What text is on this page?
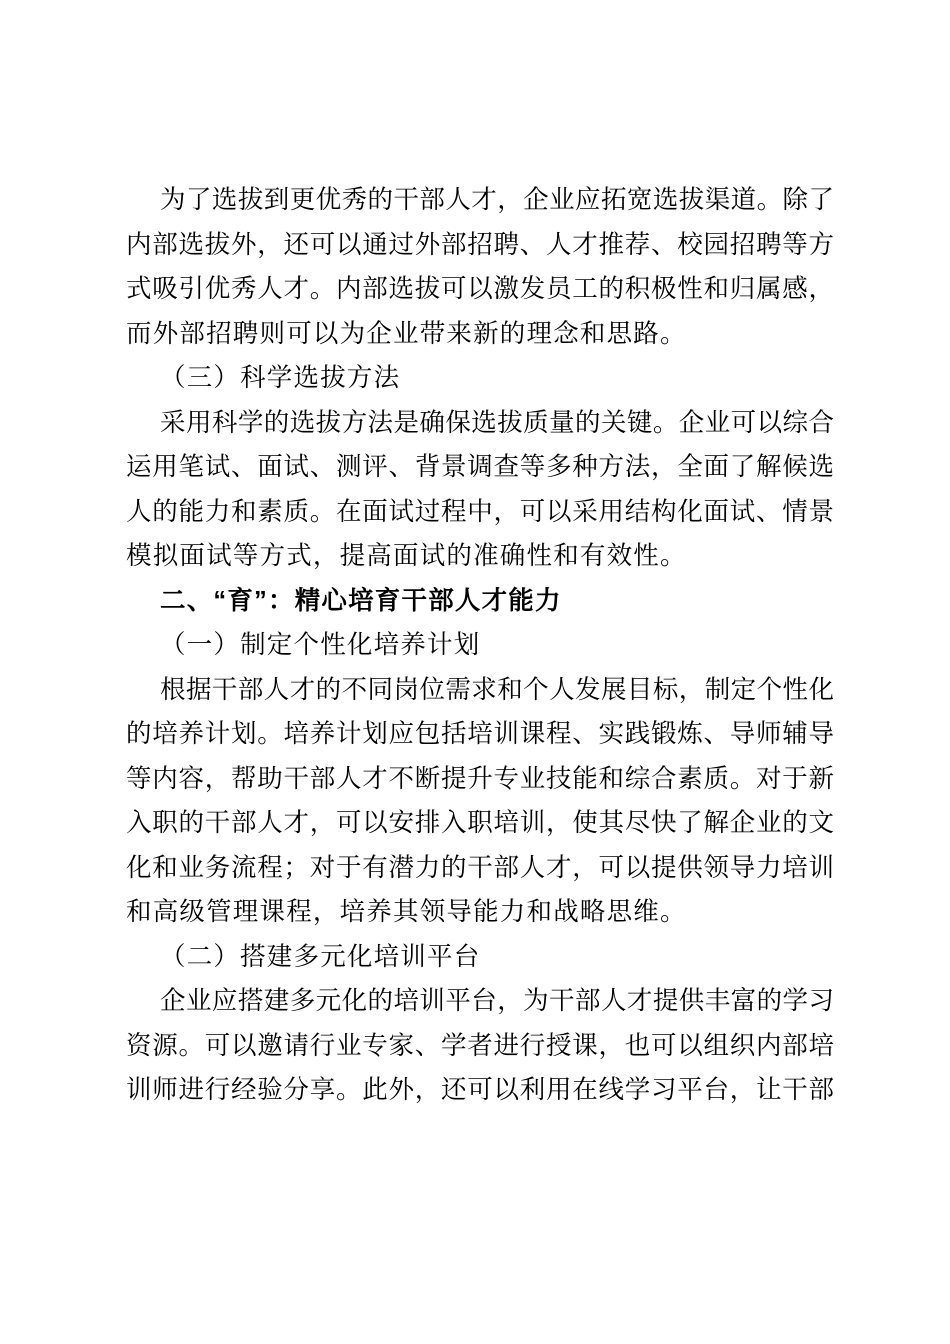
为了选拔到更优秀的干部人才，企业应拓宽选拔渠道。除了
内部选拔外，还可以通过外部招聘、人才推荐、校园招聘等方
式吸引优秀人才。内部选拔可以激发员工的积极性和归属感，
而外部招聘则可以为企业带来新的理念和思路。
（三）科学选拔方法
采用科学的选拔方法是确保选拔质量的关键。企业可以综合
运用笔试、面试、测评、背景调查等多种方法，全面了解候选
人的能力和素质。在面试过程中，可以采用结构化面试、情景
模拟面试等方式，提高面试的准确性和有效性。
二、“育”：精心培育干部人才能力
（一）制定个性化培养计划
根据干部人才的不同岗位需求和个人发展目标，制定个性化
的培养计划。培养计划应包括培训课程、实践锻炼、导师辅导
等内容，帮助干部人才不断提升专业技能和综合素质。对于新
入职的干部人才，可以安排入职培训，使其尽快了解企业的文
化和业务流程；对于有潜力的干部人才，可以提供领导力培训
和高级管理课程，培养其领导能力和战略思维。
（二）搭建多元化培训平台
企业应搭建多元化的培训平台，为干部人才提供丰富的学习
资源。可以邀请行业专家、学者进行授课，也可以组织内部培
训师进行经验分享。此外，还可以利用在线学习平台，让干部
